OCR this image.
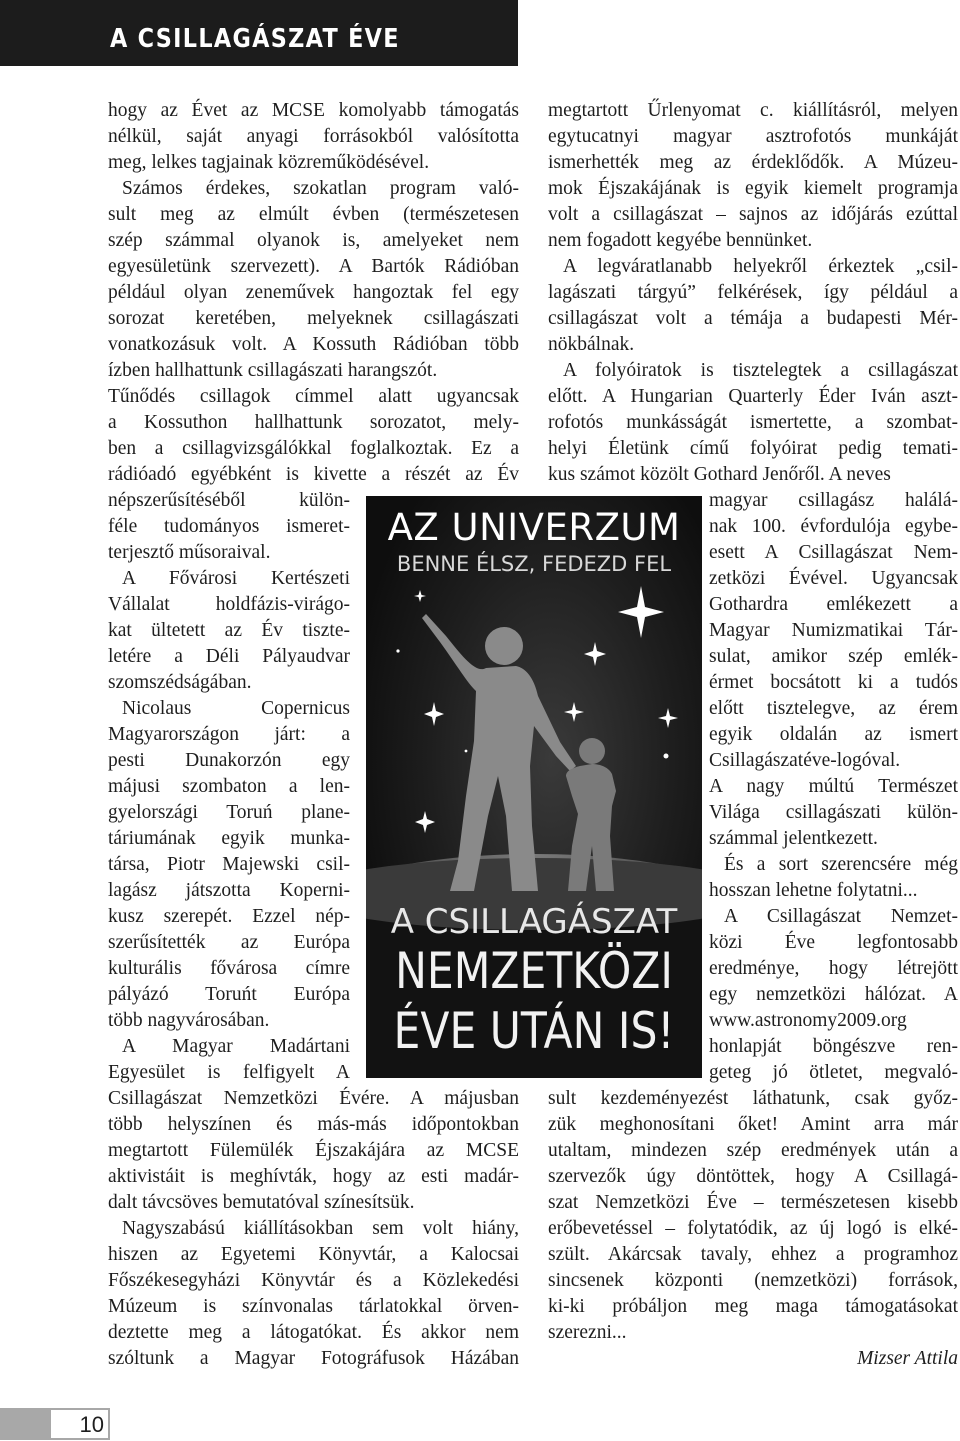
A CSILLAGÁSZAT ÉVE
hogy az Évet az MCSE komolyabb támogatás
nélkül, saját anyagi forrásokból valósította
meg, lelkes tagjainak közreműködésével.
Számos érdekes, szokatlan program való-
sult meg az elmúlt évben (természetesen
szép számmal olyanok is, amelyeket nem
egyesületünk szervezett). A Bartók Rádióban
például olyan zeneművek hangoztak fel egy
sorozat keretében, melyeknek csillagászati
vonatkozásuk volt. A Kossuth Rádióban több
ízben hallhattunk csillagászati harangszót.
Tűnődés csillagok címmel alatt ugyancsak
a Kossuthon hallhattunk sorozatot, mely-
ben a csillagvizsgálókkal foglalkoztak. Ez a
rádióadó egyébként is kivette a részét az Év
népszerűsítéséből külön-
féle tudományos ismeret-
terjesztő műsoraival.
A Fővárosi Kertészeti
Vállalat holdfázis-virágo-
kat ültetett az Év tiszte-
letére a Déli Pályaudvar
szomszédságában.
Nicolaus Copernicus
Magyarországon járt: a
pesti Dunakorzón egy
májusi szombaton a len-
gyelországi Toruń plane-
táriumának egyik munka-
társa, Piotr Majewski csil-
lagász játszotta Koperni-
kusz szerepét. Ezzel nép-
szerűsítették az Európa
kulturális fővárosa címre
pályázó Toruńt Európa
több nagyvárosában.
A Magyar Madártani
Egyesület is felfigyelt A
Csillagászat Nemzetközi Évére. A májusban
több helyszínen és más-más időpontokban
megtartott Fülemülék Éjszakájára az MCSE
aktivistáit is meghívták, hogy az esti madár-
dalt távcsöves bemutatóval színesítsük.
Nagyszabású kiállításokban sem volt hiány,
hiszen az Egyetemi Könyvtár, a Kalocsai
Főszékesegyházi Könyvtár és a Közlekedési
Múzeum is színvonalas tárlatokkal örven-
deztette meg a látogatókat. És akkor nem
szóltunk a Magyar Fotográfusok Házában
megtartott Űrlenyomat c. kiállításról, melyen
egytucatnyi magyar asztrofotós munkáját
ismerhették meg az érdeklődők. A Múzeu-
mok Éjszakájának is egyik kiemelt programja
volt a csillagászat – sajnos az időjárás ezúttal
nem fogadott kegyébe bennünket.
A legváratlanabb helyekről érkeztek „csil-
lagászati tárgyú” felkérések, így például a
csillagászat volt a témája a budapesti Mér-
nökbálnak.
A folyóiratok is tisztelegtek a csillagászat
előtt. A Hungarian Quarterly Éder Iván aszt-
rofotós munkásságát ismertette, a szombat-
helyi Életünk című folyóirat pedig temati-
kus számot közölt Gothard Jenőről. A neves
magyar csillagász halálá-
nak 100. évfordulója egybe-
esett A Csillagászat Nem-
zetközi Évével. Ugyancsak
Gothardra emlékezett a
Magyar Numizmatikai Tár-
sulat, amikor szép emlék-
érmet bocsátott ki a tudós
előtt tisztelegve, az érem
egyik oldalán az ismert
Csillagászatéve-logóval.
A nagy múltú Természet
Világa csillagászati külön-
számmal jelentkezett.
És a sort szerencsére még
hosszan lehetne folytatni...
A Csillagászat Nemzet-
közi Éve legfontosabb
eredménye, hogy létrejött
egy nemzetközi hálózat. A
www.astronomy2009.org
honlapját böngészve ren-
geteg jó ötletet, megvaló-
sult kezdeményezést láthatunk, csak győz-
zük meghonosítani őket! Amint arra már
utaltam, mindezen szép eredmények után a
szervezők úgy döntöttek, hogy A Csillagá-
szat Nemzetközi Éve – természetesen kisebb
erőbevetéssel – folytatódik, az új logó is elké-
szült. Akárcsak tavaly, ehhez a programhoz
sincsenek központi (nemzetközi) források,
ki-ki próbáljon meg maga támogatásokat
szerezni...
Mizser Attila
AZ UNIVERZUM
BENNE ÉLSZ, FEDEZD FEL
A CSILLAGÁSZAT
NEMZETKÖZI
ÉVE UTÁN IS!
10
